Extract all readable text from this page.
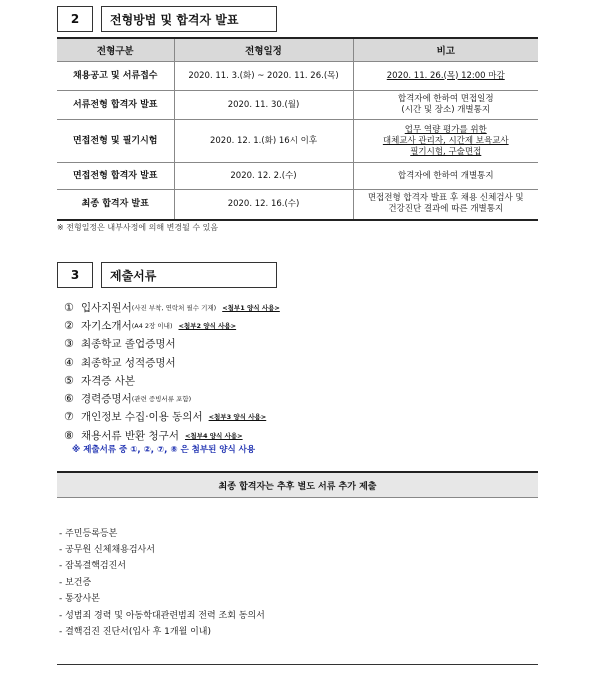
2	전형방법 및 합격자 발표
전형구분	전형일정	비고
채용공고 및 서류접수	2020. 11. 3.(화) ~ 2020. 11. 26.(목)	2020. 11. 26.(목) 12:00 마감
서류전형 합격자 발표	2020. 11. 30.(월)	합격자에 한하여 면접일정
(시간 및 장소) 개별통지

면접전형 및 필기시험	2020. 12. 1.(화) 16시 이후	업무 역량 평가를 위한
대체교사 관리자, 시간제 보육교사
필기시험, 구술면접

면접전형 합격자 발표	2020. 12. 2.(수)	합격자에 한하여 개별통지
최종 합격자 발표	2020. 12. 16.(수)	면접전형 합격자 발표 후 채용 신체검사 및
건강진단 결과에 따른 개별통지
※ 전형일정은 내부사정에 의해 변경될 수 있음
3	제출서류
① 입사지원서 (사진 부착, 연락처 필수 기재) <첨부1 양식 사용>
② 자기소개서 (A4 2장 이내) <첨부2 양식 사용>
③ 최종학교 졸업증명서
④ 최종학교 성적증명서
⑤ 자격증 사본
⑥ 경력증명서 (관련 증빙서류 포함)
⑦ 개인정보 수집·이용 동의서 <첨부3 양식 사용>
⑧ 채용서류 반환 청구서 <첨부4 양식 사용>
※ 제출서류 중 ①, ②, ⑦, ⑧ 은 첨부된 양식 사용
최종 합격자는 추후 별도 서류 추가 제출
- 주민등록등본
- 공무원 신체채용검사서
- 잠복결핵검진서
- 보건증
- 통장사본
- 성범죄 경력 및 아동학대관련범죄 전력 조회 동의서
- 결핵검진 진단서(입사 후 1개월 이내)
